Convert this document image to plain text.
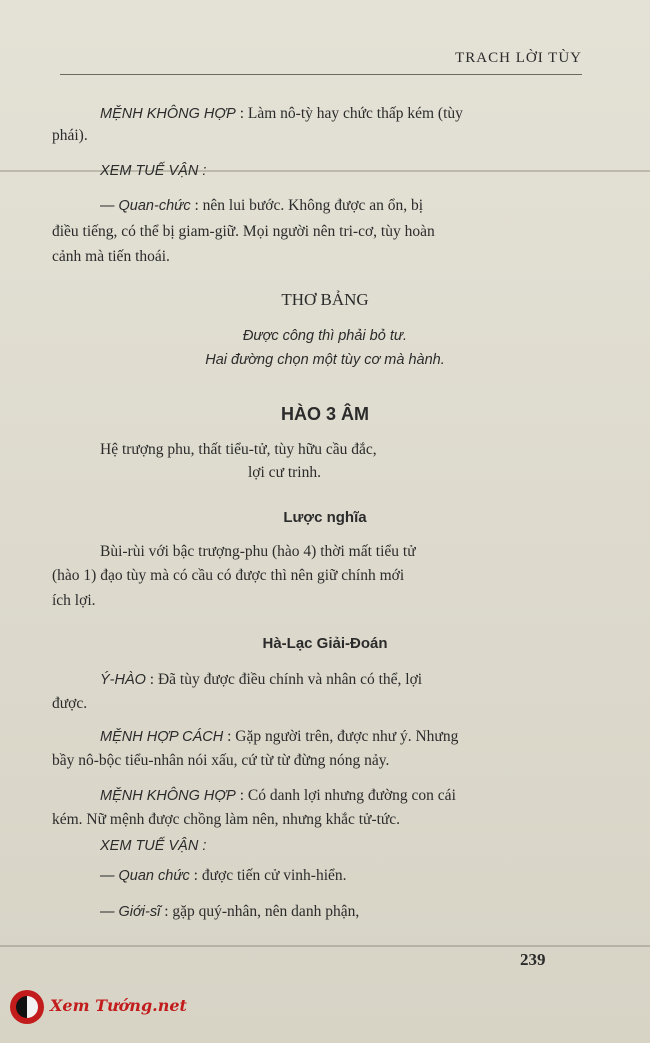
TRACH LỜI TÙY
MỆNH KHÔNG HỢP : Làm nô-tỳ hay chức thấp kém (tùy
phái).
XEM TUẾ VẬN :
— Quan-chức : nên lui bước. Không được an ổn, bị
điều tiếng, có thể bị giam-giữ. Mọi người nên tri-cơ, tùy hoàn
cảnh mà tiến thoái.
THƠ BẢNG
Được công thì phải bỏ tư.
Hai đường chọn một tùy cơ mà hành.
HÀO 3 ÂM
Hệ trượng phu, thất tiểu-tử, tùy hữu cầu đắc,
lợi cư trinh.
Lược nghĩa
Bùi-rùi với bậc trượng-phu (hào 4) thời mất tiểu tử
(hào 1) đạo tùy mà có cầu có được thì nên giữ chính mới
ích lợi.
Hà-Lạc Giải-Đoán
Ý-HÀO : Đã tùy được điều chính và nhân có thể, lợi
được.
MỆNH HỢP CÁCH : Gặp người trên, được như ý. Nhưng
bầy nô-bộc tiểu-nhân nói xấu, cứ từ từ đừng nóng nảy.
MỆNH KHÔNG HỢP : Có danh lợi nhưng đường con cái
kém. Nữ mệnh được chồng làm nên, nhưng khắc tử-tức.
XEM TUẾ VẬN :
— Quan chức : được tiến cử vinh-hiển.
— Giới-sĩ : gặp quý-nhân, nên danh phận,
239
Xem Tướng.net
